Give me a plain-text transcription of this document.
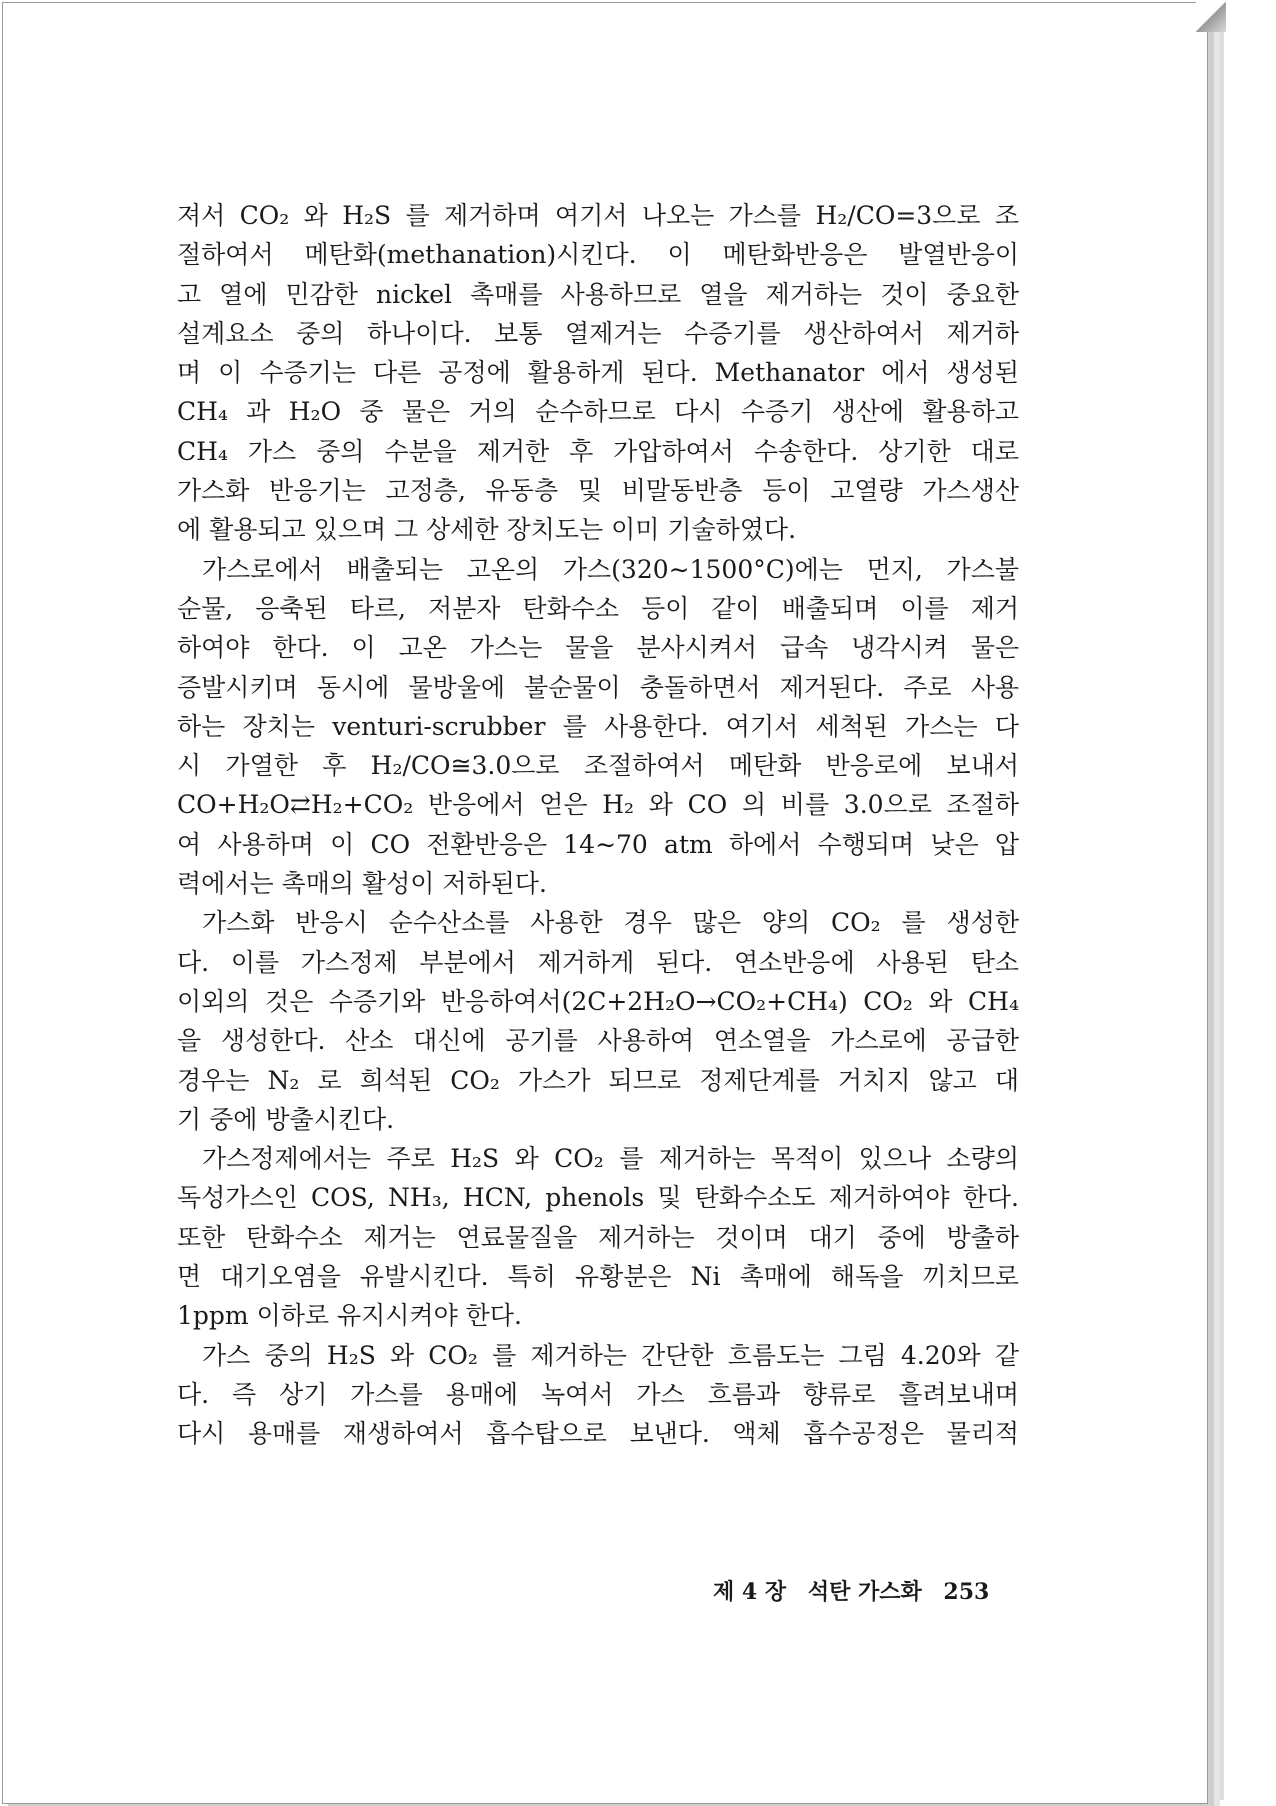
져서 CO₂ 와 H₂S 를 제거하며 여기서 나오는 가스를 H₂/CO=3으로 조
절하여서 메탄화(methanation)시킨다. 이 메탄화반응은 발열반응이
고 열에 민감한 nickel 촉매를 사용하므로 열을 제거하는 것이 중요한
설계요소 중의 하나이다. 보통 열제거는 수증기를 생산하여서 제거하
며 이 수증기는 다른 공정에 활용하게 된다. Methanator 에서 생성된
CH₄ 과 H₂O 중 물은 거의 순수하므로 다시 수증기 생산에 활용하고
CH₄ 가스 중의 수분을 제거한 후 가압하여서 수송한다. 상기한 대로
가스화 반응기는 고정층, 유동층 및 비말동반층 등이 고열량 가스생산
에 활용되고 있으며 그 상세한 장치도는 이미 기술하였다.
가스로에서 배출되는 고온의 가스(320∼1500°C)에는 먼지, 가스불
순물, 응축된 타르, 저분자 탄화수소 등이 같이 배출되며 이를 제거
하여야 한다. 이 고온 가스는 물을 분사시켜서 급속 냉각시켜 물은
증발시키며 동시에 물방울에 불순물이 충돌하면서 제거된다. 주로 사용
하는 장치는 venturi-scrubber 를 사용한다. 여기서 세척된 가스는 다
시 가열한 후 H₂/CO≅3.0으로 조절하여서 메탄화 반응로에 보내서
CO+H₂O⇄H₂+CO₂ 반응에서 얻은 H₂ 와 CO 의 비를 3.0으로 조절하
여 사용하며 이 CO 전환반응은 14∼70 atm 하에서 수행되며 낮은 압
력에서는 촉매의 활성이 저하된다.
가스화 반응시 순수산소를 사용한 경우 많은 양의 CO₂ 를 생성한
다. 이를 가스정제 부분에서 제거하게 된다. 연소반응에 사용된 탄소
이외의 것은 수증기와 반응하여서(2C+2H₂O→CO₂+CH₄) CO₂ 와 CH₄
을 생성한다. 산소 대신에 공기를 사용하여 연소열을 가스로에 공급한
경우는 N₂ 로 희석된 CO₂ 가스가 되므로 정제단계를 거치지 않고 대
기 중에 방출시킨다.
가스정제에서는 주로 H₂S 와 CO₂ 를 제거하는 목적이 있으나 소량의
독성가스인 COS, NH₃, HCN, phenols 및 탄화수소도 제거하여야 한다.
또한 탄화수소 제거는 연료물질을 제거하는 것이며 대기 중에 방출하
면 대기오염을 유발시킨다. 특히 유황분은 Ni 촉매에 해독을 끼치므로
1ppm 이하로 유지시켜야 한다.
가스 중의 H₂S 와 CO₂ 를 제거하는 간단한 흐름도는 그림 4.20와 같
다. 즉 상기 가스를 용매에 녹여서 가스 흐름과 향류로 흘려보내며
다시 용매를 재생하여서 흡수탑으로 보낸다. 액체 흡수공정은 물리적
제 4 장 석탄 가스화 253
